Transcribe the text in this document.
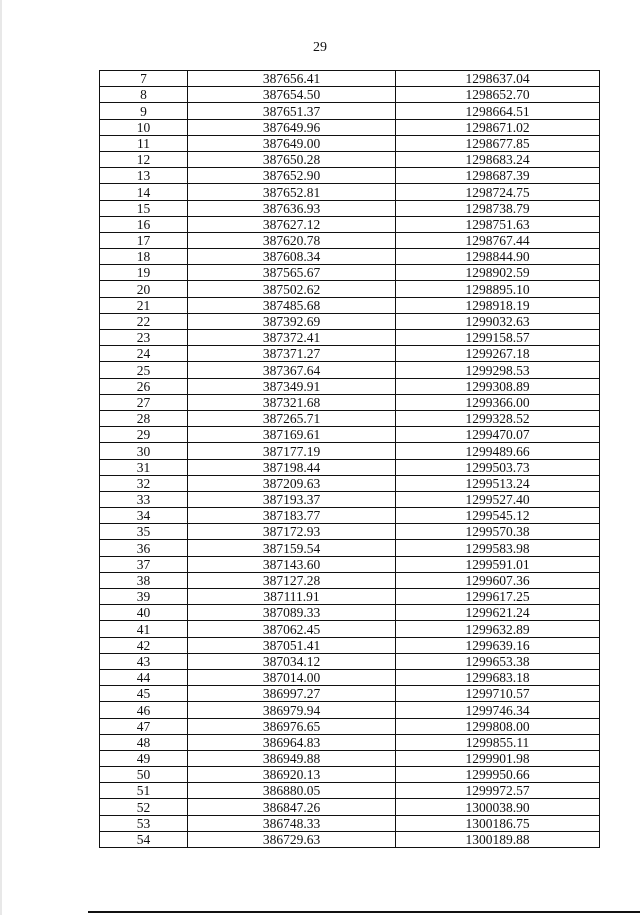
29
7	387656.41	1298637.04
8	387654.50	1298652.70
9	387651.37	1298664.51
10	387649.96	1298671.02
11	387649.00	1298677.85
12	387650.28	1298683.24
13	387652.90	1298687.39
14	387652.81	1298724.75
15	387636.93	1298738.79
16	387627.12	1298751.63
17	387620.78	1298767.44
18	387608.34	1298844.90
19	387565.67	1298902.59
20	387502.62	1298895.10
21	387485.68	1298918.19
22	387392.69	1299032.63
23	387372.41	1299158.57
24	387371.27	1299267.18
25	387367.64	1299298.53
26	387349.91	1299308.89
27	387321.68	1299366.00
28	387265.71	1299328.52
29	387169.61	1299470.07
30	387177.19	1299489.66
31	387198.44	1299503.73
32	387209.63	1299513.24
33	387193.37	1299527.40
34	387183.77	1299545.12
35	387172.93	1299570.38
36	387159.54	1299583.98
37	387143.60	1299591.01
38	387127.28	1299607.36
39	387111.91	1299617.25
40	387089.33	1299621.24
41	387062.45	1299632.89
42	387051.41	1299639.16
43	387034.12	1299653.38
44	387014.00	1299683.18
45	386997.27	1299710.57
46	386979.94	1299746.34
47	386976.65	1299808.00
48	386964.83	1299855.11
49	386949.88	1299901.98
50	386920.13	1299950.66
51	386880.05	1299972.57
52	386847.26	1300038.90
53	386748.33	1300186.75
54	386729.63	1300189.88
